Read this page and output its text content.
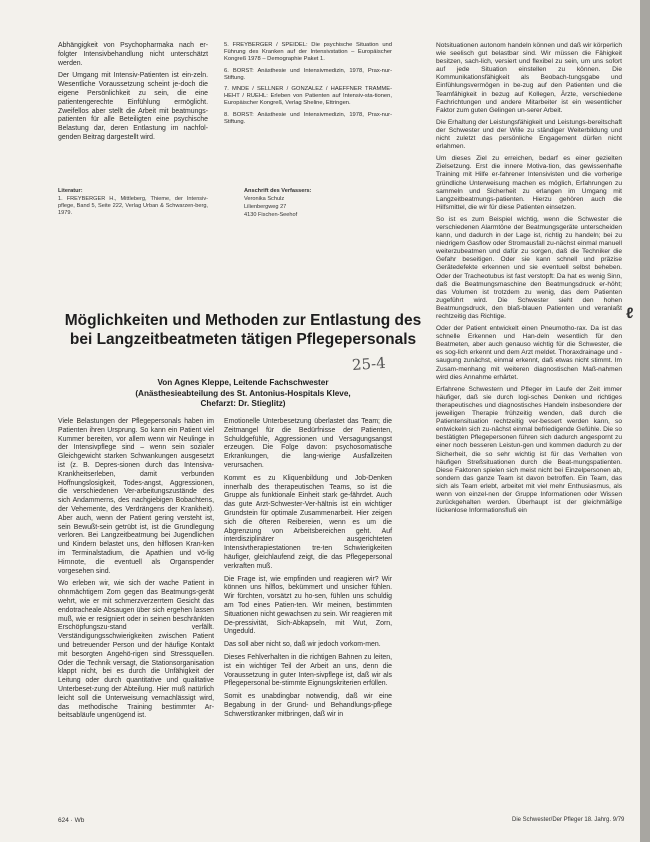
Abhängigkeit von Psychopharmaka nach er-folgter Intensivbehandlung nicht unterschätzt werden.

Der Umgang mit Intensiv-Patienten ist ein-zeln. Wesentliche Voraussetzung scheint je-doch die eigene Persönlichkeit zu sein, die eine patientengerechte Einfühlung ermöglicht. Zweifellos aber stellt die Arbeit mit beatmungs-patienten für alle Beteiligten eine psychische Belastung dar, deren Entlastung im nachfol-genden Beitrag dargestellt wird.

5. FREYBERGER / SPEIDEL: Die psychische Situation und Führung des Kranken auf der Intensivstation – Europäischer Kongreß 1978 – Demographie Paket 1.

6. BORST: Anästhesie und Intensivmedizin, 1978, Prax-nur-Stiftung.

7. MNDE / SELLNER / GONZALEZ / HAEFFNER TRAMME-HEHT / RUEHL: Erleben von Patienten auf Intensiv-sta-tionen, Europäischer Kongreß, Verlag Sheline, Ettringen.

8. BORST: Anästhesie und Intensivmedizin, 1978, Prax-nur-Stiftung.

Literatur:

1. FREYBERGER H., Mittleberg, Thieme, der Intensiv-pflege, Band 5, Seite 222, Verlag Urban & Schwarzen-berg, 1979.

Anschrift des Verfassers:

Veronika Schulz

Lilienbergweg 27

4130 Fischen-Seehof

Möglichkeiten und Methoden zur Entlastung des bei Langzeitbeatmeten tätigen Pflegepersonals
25-4
Von Agnes Kleppe, Leitende Fachschwester
(Anästhesieabteilung des St. Antonius-Hospitals Kleve,
Chefarzt: Dr. Stieglitz)

Viele Belastungen der Pflegepersonals haben im Patienten ihren Ursprung. So kann ein Patient viel Kummer bereiten, vor allem wenn wir Neulinge in der Intensivpflege sind – wenn sein sozialer Gleichgewicht starken Schwankungen ausgesetzt ist (z. B. Depres-sionen durch das Intensiva-Krankheitserleben, damit verbunden Hoffnungslosigkeit, Todes-angst, Aggressionen, die verschiedenen Ver-arbeitungszustände des sich Andammerns, des nachgiebigen Bobachtens, der Vehemente, des Verdrängens der Krankheit). Aber auch, wenn der Patient gering versteht ist, sein Bewußt-sein getrübt ist, ist die Grundlegung verloren. Bei Langzeitbeatmung bei Jugendlichen und Kindern belastet uns, den hilflosen Kran-ken im Terminalstadium, die Apathien und vö-lig Hirnnote, die eventuell als Organspender vorgesehen sind.

Wo erleben wir, wie sich der wache Patient in ohnmächtigem Zorn gegen das Beatmungs-gerät wehrt, wie er mit schmerzverzerrtem Gesicht das endotracheale Absaugen über sich ergehen lassen muß, wie er resigniert oder in seinen beschränkten Erschöpfungszu-stand verfällt. Verständigungsschwierigkeiten zwischen Patient und betreuender Person und der häufige Kontakt mit besorgten Angehö-rigen sind Stressquellen. Oder die Technik versagt, die Stationsorganisation klappt nicht, bei es durch die Unfähigkeit der Leitung oder durch quantitative und qualitative Unterbeset-zung der Abteilung. Hier muß natürlich leicht soll die Unterweisung vernachlässigt wird, das methodische Training bestimmter Ar-beitsabläufe ungenügend ist.

Emotionelle Unterbesetzung überlastet das Team; die Zeitmangel für die Bedürfnisse der Patienten, Schuldgefühle, Aggressionen und Versagungsangst erzeugen. Die Folge davon: psychosomatische Erkrankungen, die lang-wierige Ausfallzeiten verursachen.

Kommt es zu Kliquenbildung und Job-Denken innerhalb des therapeutischen Teams, so ist die Gruppe als funktionale Einheit stark ge-fährdet. Auch das gute Arzt-Schwester-Ver-hältnis ist ein wichtiger Grundstein für optimale Zusammenarbeit. Hier zeigen sich die öfteren Reibereien, wenn es um die Abgrenzung von Arbeitsbereichen geht. Auf interdisziplinärer ausgerichteten Intensivtherapiestationen tre-ten Schwierigkeiten häufiger, gleichlaufend zeigt, die das Pflegepersonal verkraften muß.

Die Frage ist, wie empfinden und reagieren wir? Wir können uns hilflos, bekümmert und unsicher fühlen. Wir fürchten, vorsätzt zu ho-sen, fühlen uns schuldig am Tod eines Patien-ten. Wir meinen, bestimmten Situationen nicht gewachsen zu sein. Wir reagieren mit De-pressivität, Sich-Abkapseln, mit Wut, Zorn, Ungeduld.

Das soll aber nicht so, daß wir jedoch vorkom-men.

Dieses Fehlverhalten in die richtigen Bahnen zu leiten, ist ein wichtiger Teil der Arbeit an uns, denn die Voraussetzung in guter Inten-sivpflege ist, daß wir als Pflegepersonal be-stimmte Eignungskriterien erfüllen.

Somit es unabdingbar notwendig, daß wir eine Begabung in der Grund- und Behandlungs-pflege Schwerstkranker mitbringen, daß wir in

Notsituationen autonom handeln können und daß wir körperlich wie seelisch gut belastbar sind. Wir müssen die Fähigkeit besitzen, sach-lich, versiert und flexibel zu sein, um uns sofort auf jede Situation einstellen zu können. Die Kommunikationsfähigkeit als Beobach-tungsgabe und Einfühlungsvermögen in be-zug auf den Patienten und die Teamfähigkeit in bezug auf Kollegen, Ärzte, verschiedene Fachrichtungen und andere Mitarbeiter ist ein wesentlicher Faktor zum guten Gelingen un-serer Arbeit.

Die Erhaltung der Leistungsfähigkeit und Leistungs-bereitschaft der Schwester und der Wille zu ständiger Weiterbildung und nicht zuletzt das persönliche Engagement dürfen nicht erlahmen.

Um dieses Ziel zu erreichen, bedarf es einer gezielten Zielsetzung. Erst die innere Motiva-tion, das gewissenhafte Training mit Hilfe er-fahrener Intensivisten und die vorherige gründliche Unterweisung machen es möglich, Erfahrungen zu sammeln und Sicherheit zu erlangen im Umgang mit Langzeitbeatmungs-patienten. Hierzu gehören auch die Hilfsmittel, die wir für diese Patienten einsetzen.

So ist es zum Beispiel wichtig, wenn die Schwester die verschiedenen Alarmtöne der Beatmungsgeräte unterscheiden kann, und dadurch in der Lage ist, richtig zu handeln; bei zu niedrigem Gasflow oder Stromausfall zu-nächst einmal manuell weiterzubeatmen und dafür zu sorgen, daß die Techniker die Gefahr beseitigen. Oder sie kann schnell und präzise Gerätedefekte erkennen und sie eventuell selbst beheben. Oder der Tracheotubus ist fast verstopft: Da hat es wenig Sinn, daß die Beatmungsmaschine den Beatmungsdruck er-höht; das Volumen ist trotzdem zu wenig, das dem Patienten zugeführt wird. Die Schwester sieht den hohen Beatmungsdruck, den blaß-blauen Patienten und veranlaßt rechtzeitig das Richtige.

Oder der Patient entwickelt einen Pneumotho-rax. Da ist das schnelle Erkennen und Han-deln wesentlich für den Beatmeten, aber auch genauso wichtig für die Schwester, die es sog-lich erkennt und dem Arzt meldet. Thoraxdrainage und -saugung zunächst, einmal erkennt, daß etwas nicht stimmt. Im Zusam-menhang mit weiteren diagnostischen Maß-nahmen wird dies Annahme erhärtet.

Erfahrene Schwestern und Pfleger im Laufe der Zeit immer häufiger, daß sie durch logi-sches Denken und richtiges therapeutisches und diagnostisches Handeln insbesondere der jeweiligen Therapie frühzeitig wenden, daß durch die Patientensituation rechtzeitig ver-bessert werden kann, so entwickeln sich zu-nächst einmal befriedigende Gefühle. Die so bestätigten Pflegepersonen führen sich dadurch angespornt zu einer noch besseren Leistun-gen und kommen dadurch zu der Sicherheit, die so sehr wichtig ist für das Verhalten von häufigen Streßsituationen durch die Beat-mungspatienten. Diese Faktoren spielen sich meist nicht bei Einzelpersonen ab, sondern das ganze Team ist davon betroffen. Ein Team, das sich als Team erlebt, arbeitet mit viel mehr Enthusiasmus, als wenn von einzel-nen der Gruppe Informationen oder Wissen zurückgehalten werden. Überhaupt ist der gleichmäßige lückenlose Informationsfluß ein

ℓ
624 · Wb	Die Schwester/Der Pfleger 18. Jahrg. 9/79
